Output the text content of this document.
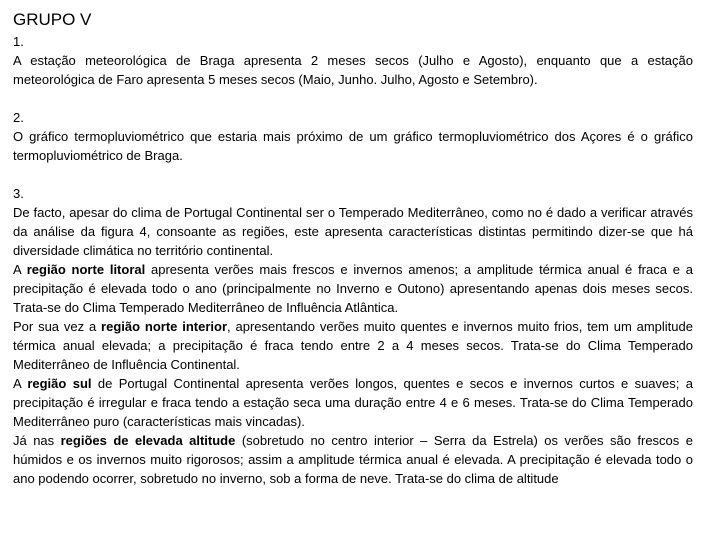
GRUPO V
1.

A estação meteorológica de Braga apresenta 2 meses secos (Julho e Agosto), enquanto que a estação meteorológica de Faro apresenta 5 meses secos (Maio, Junho. Julho, Agosto e Setembro).

2.

O gráfico termopluviométrico que estaria mais próximo de um gráfico termopluviométrico dos Açores é o gráfico termopluviométrico de Braga.

3.

De facto, apesar do clima de Portugal Continental ser o Temperado Mediterrâneo, como no é dado a verificar através da análise da figura 4, consoante as regiões, este apresenta características distintas permitindo dizer-se que há diversidade climática no território continental.

A região norte litoral apresenta verões mais frescos e invernos amenos; a amplitude térmica anual é fraca e a precipitação é elevada todo o ano (principalmente no Inverno e Outono) apresentando apenas dois meses secos. Trata-se do Clima Temperado Mediterrâneo de Influência Atlântica.

Por sua vez a região norte interior, apresentando verões muito quentes e invernos muito frios, tem um amplitude térmica anual elevada; a precipitação é fraca tendo entre 2 a 4 meses secos. Trata-se do Clima Temperado Mediterrâneo de Influência Continental.

A região sul de Portugal Continental apresenta verões longos, quentes e secos e invernos curtos e suaves; a precipitação é irregular e fraca tendo a estação seca uma duração entre 4 e 6 meses. Trata-se do Clima Temperado Mediterrâneo puro (características mais vincadas).

Já nas regiões de elevada altitude (sobretudo no centro interior – Serra da Estrela) os verões são frescos e húmidos e os invernos muito rigorosos; assim a amplitude térmica anual é elevada. A precipitação é elevada todo o ano podendo ocorrer, sobretudo no inverno, sob a forma de neve. Trata-se do clima de altitude
